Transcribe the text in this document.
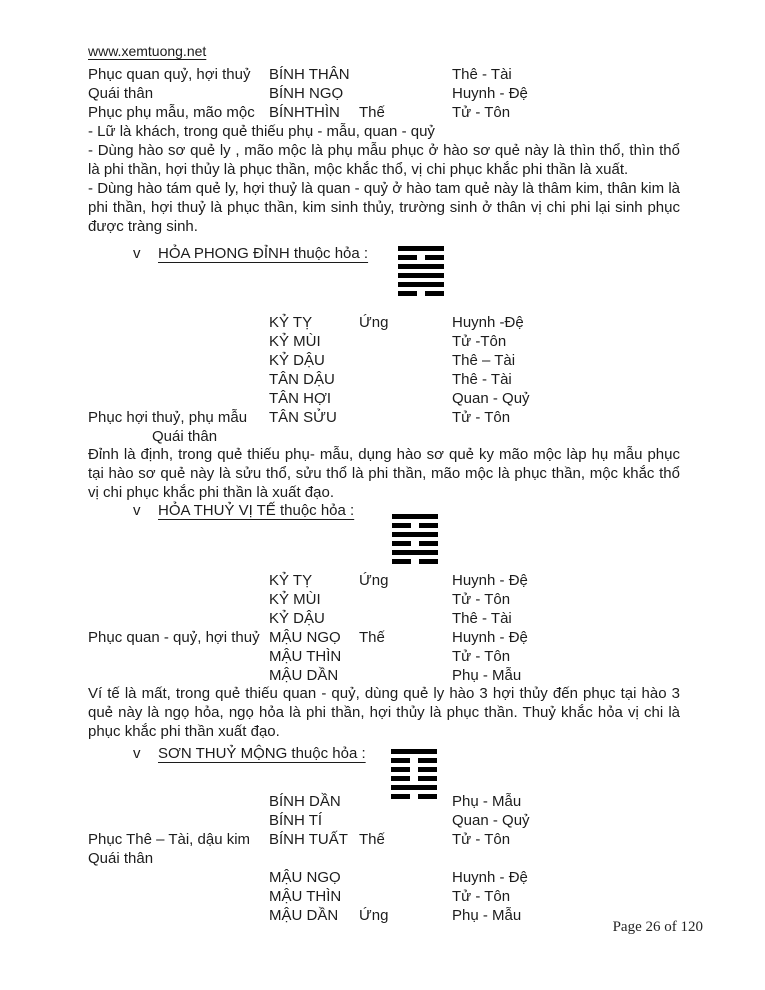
www.xemtuong.net
Phục quan quỷ, hợi thuỷ	BÍNH THÂN	Thê - Tài
Quái thân	BÍNH NGỌ	Huynh - Đệ
Phục phụ mẫu, mão mộc BÍNHTHÌN	Thế	Tử - Tôn

- Lữ là khách, trong quẻ thiếu phụ - mẫu, quan - quỷ

- Dùng hào sơ quẻ ly , mão mộc là phụ mẫu phục ở hào sơ quẻ này là thìn thổ, thìn thổ là phi thần, hợi thủy là phục thần, mộc khắc thổ, vị chi phục khắc phi thần là xuất.

- Dùng hào tám quẻ ly, hợi thuỷ là quan - quỷ ở hào tam quẻ này là thâm kim, thân kim là phi thần, hợi thuỷ là phục thần, kim sinh thủy, trường sinh ở thân vị chi phi lại sinh phục được tràng sinh.

v HỎA PHONG ĐỈNH thuộc hỏa :
KỶ TỴ	Ứng	Huynh -Đệ
KỶ MÙI	Tử -Tôn
KỶ DẬU	Thê – Tài
TÂN DẬU	Thê - Tài
TÂN HỢI	Quan - Quỷ
Phục hợi thuỷ, phụ mẫu	TÂN SỬU	Tử - Tôn
Quái thân

Đỉnh là định, trong quẻ thiếu phụ- mẫu, dụng hào sơ quẻ ky mão mộc làp hụ mẫu phục tại hào sơ quẻ này là sửu thổ, sửu thổ là phi thần, mão mộc là phục thần, mộc khắc thổ vị chi phục khắc phi thần là xuất đạo.

v HỎA THUỶ VỊ TẾ thuộc hỏa :
KỶ TỴ	Ứng	Huynh - Đệ
KỶ MÙI	Tử - Tôn
KỶ DẬU	Thê - Tài
Phục quan - quỷ, hợi thuỷ MẬU NGỌ	Thế	Huynh - Đệ
MẬU THÌN	Tử - Tôn
MẬU DẦN	Phụ - Mẫu

Ví tế là mất, trong quẻ thiếu quan - quỷ, dùng quẻ ly hào 3 hợi thủy đến phục tại hào 3 quẻ này là ngọ hỏa, ngọ hỏa là phi thần, hợi thủy là phục thần. Thuỷ khắc hỏa vị chi là phục khắc phi thần xuất đạo.

v SƠN THUỶ MỘNG thuộc hỏa :
BÍNH DẦN	Phụ - Mẫu
BÍNH TÍ	Quan - Quỷ
Phục Thê – Tài, dậu kim	BÍNH TUẤT Thế	Tử - Tôn
Quái thân
MẬU NGỌ	Huynh - Đệ
MẬU THÌN	Tử - Tôn
MẬU DẦN	Ứng	Phụ - Mẫu
Page 26 of 120
